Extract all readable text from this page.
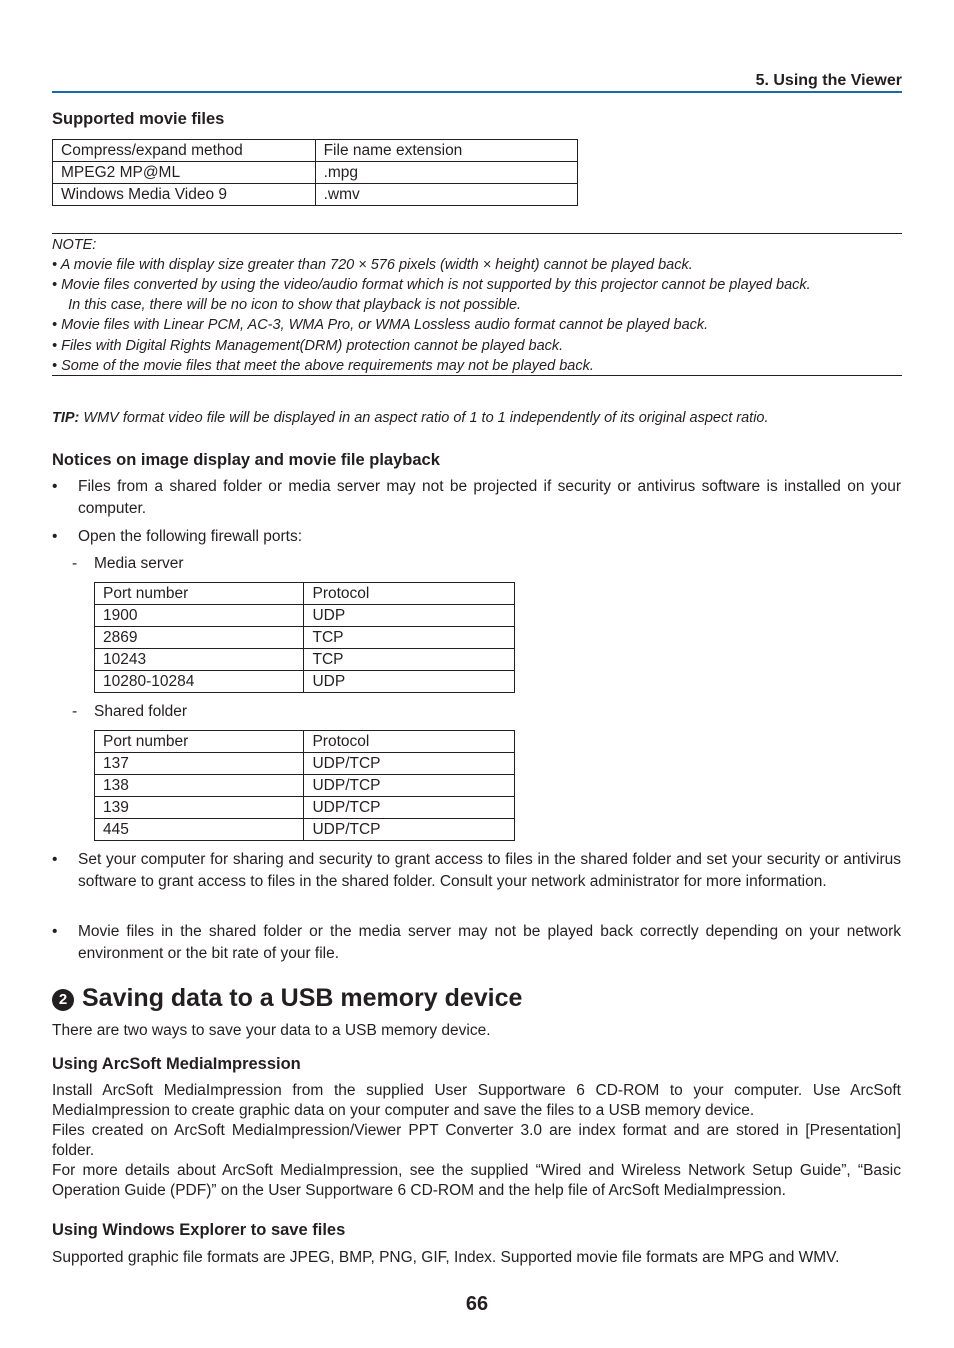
5. Using the Viewer
Supported movie files
Compress/expand method	File name extension
MPEG2 MP@ML	.mpg
Windows Media Video 9	.wmv
NOTE:
• A movie file with display size greater than 720 × 576 pixels (width × height) cannot be played back.
• Movie files converted by using the video/audio format which is not supported by this projector cannot be played back.
In this case, there will be no icon to show that playback is not possible.
• Movie files with Linear PCM, AC-3, WMA Pro, or WMA Lossless audio format cannot be played back.
• Files with Digital Rights Management(DRM) protection cannot be played back.
• Some of the movie files that meet the above requirements may not be played back.
TIP: WMV format video file will be displayed in an aspect ratio of 1 to 1 independently of its original aspect ratio.
Notices on image display and movie file playback
• Files from a shared folder or media server may not be projected if security or antivirus software is installed on your computer.
• Open the following firewall ports:
- Media server
Port number	Protocol
1900	UDP
2869	TCP
10243	TCP
10280-10284	UDP
- Shared folder
Port number	Protocol
137	UDP/TCP
138	UDP/TCP
139	UDP/TCP
445	UDP/TCP
• Set your computer for sharing and security to grant access to files in the shared folder and set your security or antivirus software to grant access to files in the shared folder. Consult your network administrator for more information.
• Movie files in the shared folder or the media server may not be played back correctly depending on your network environment or the bit rate of your file.
2 Saving data to a USB memory device
There are two ways to save your data to a USB memory device.
Using ArcSoft MediaImpression
Install ArcSoft MediaImpression from the supplied User Supportware 6 CD-ROM to your computer. Use ArcSoft MediaImpression to create graphic data on your computer and save the files to a USB memory device.
Files created on ArcSoft MediaImpression/Viewer PPT Converter 3.0 are index format and are stored in [Presentation] folder.
For more details about ArcSoft MediaImpression, see the supplied “Wired and Wireless Network Setup Guide”, “Basic Operation Guide (PDF)” on the User Supportware 6 CD-ROM and the help file of ArcSoft MediaImpression.
Using Windows Explorer to save files
Supported graphic file formats are JPEG, BMP, PNG, GIF, Index. Supported movie file formats are MPG and WMV.
66
